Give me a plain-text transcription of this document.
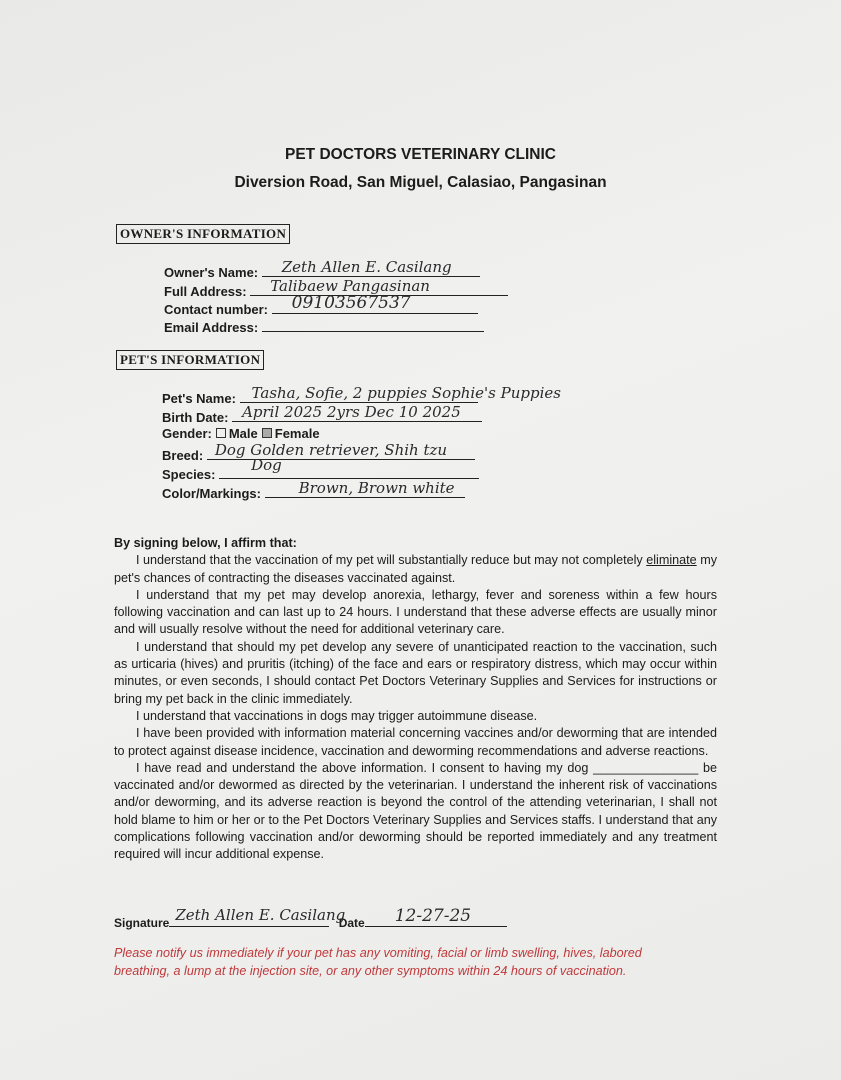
PET DOCTORS VETERINARY CLINIC
Diversion Road, San Miguel, Calasiao, Pangasinan
OWNER'S INFORMATION
Owner's Name: Zeth Allen E. Casilang
Full Address: Talibaew Pangasinan
Contact number: 09103567537
Email Address:
PET'S INFORMATION
Pet's Name: Tasha, Sofie, 2 puppies Sophie's Puppies
Birth Date: April 2025 2yrs Dec 10 2025
Gender: Male Female
Breed: Dog Golden retriever, Shih tzu
Species:
Dog
Color/Markings:	Brown, Brown white
By signing below, I affirm that:

I understand that the vaccination of my pet will substantially reduce but may not completely eliminate my pet's chances of contracting the diseases vaccinated against.

I understand that my pet may develop anorexia, lethargy, fever and soreness within a few hours following vaccination and can last up to 24 hours. I understand that these adverse effects are usually minor and will usually resolve without the need for additional veterinary care.

I understand that should my pet develop any severe of unanticipated reaction to the vaccination, such as urticaria (hives) and pruritis (itching) of the face and ears or respiratory distress, which may occur within minutes, or even seconds, I should contact Pet Doctors Veterinary Supplies and Services for instructions or bring my pet back in the clinic immediately.

I understand that vaccinations in dogs may trigger autoimmune disease.

I have been provided with information material concerning vaccines and/or deworming that are intended to protect against disease incidence, vaccination and deworming recommendations and adverse reactions.

I have read and understand the above information. I consent to having my dog _______________ be vaccinated and/or dewormed as directed by the veterinarian. I understand the inherent risk of vaccinations and/or deworming, and its adverse reaction is beyond the control of the attending veterinarian, I shall not hold blame to him or her or to the Pet Doctors Veterinary Supplies and Services staffs. I understand that any complications following vaccination and/or deworming should be reported immediately and any treatment required will incur additional expense.

Signature Zeth Allen E. Casilang
Date 12-27-25
Please notify us immediately if your pet has any vomiting, facial or limb swelling, hives, labored breathing, a lump at the injection site, or any other symptoms within 24 hours of vaccination.
